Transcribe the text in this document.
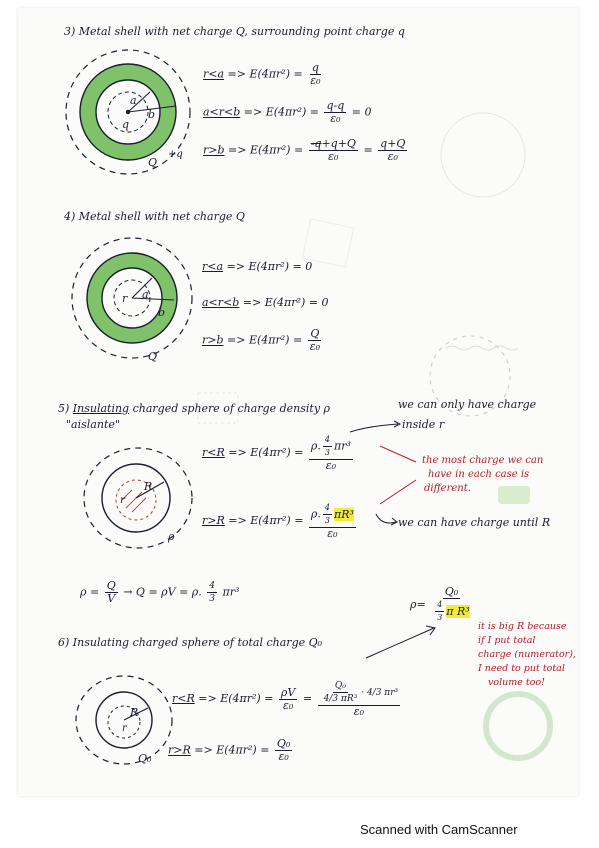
3) Metal shell with net charge Q, surrounding point charge q
a
b
q
Q
+q
$r<a => E(4\pi r^2) = \frac{q}{\text{ε₀}}$
$a<r<b => E(4\pi r^2) = \frac{q-q}{\text{ε₀}} = 0$
$r>b => E(4\pi r^2) = \frac{-q+q+Q}{\text{ε₀}} = \frac{q+Q}{\text{ε₀}}$
4) Metal shell with net charge Q
r a
b
Q
r<a => E(4πr²) = 0
a<r<b => E(4πr²) = 0
$r>b => E(4\pi r^2) = \frac{Q}{\text{ε₀}}$
5) Insulating charged sphere of charge density ρ
"aislante"
we can only have charge
inside r
R
r
ρ
$r<R => E(4\pi r^2) = \frac{\rho. \frac{4}{3} \pi r^3}{\text{ε₀}}$
$r>R => E(4\pi r^2) = \frac{\rho. \frac{4}{3} \pi R^3}{\text{ε₀}}$
the most charge we can
have in each case is
different.
we can have charge until R
$\rho = \frac{Q}{V} \to Q = \rho V = \rho$. $\frac{4}{3} \pi r^3$
$\rho= \frac{\text{Q₀}}{\frac{4}{3} \pi R^3}$
6) Insulating charged sphere of total charge Q₀
it is big R because
if I put total
charge (numerator),
I need to put total
volume too!
R
r
Q₀
$r<R => E(4\pi r^2) = \frac{\rho V}{\text{ε₀}} = \frac{\frac{\text{Q₀}}{\text{4/3 πR³}} \cdot 4/3 \pi r^3}{\text{ε₀}}$
$r>R => E(4\pi r^2) = \frac{\text{Q₀}}{\text{ε₀}}$
Scanned with CamScanner
